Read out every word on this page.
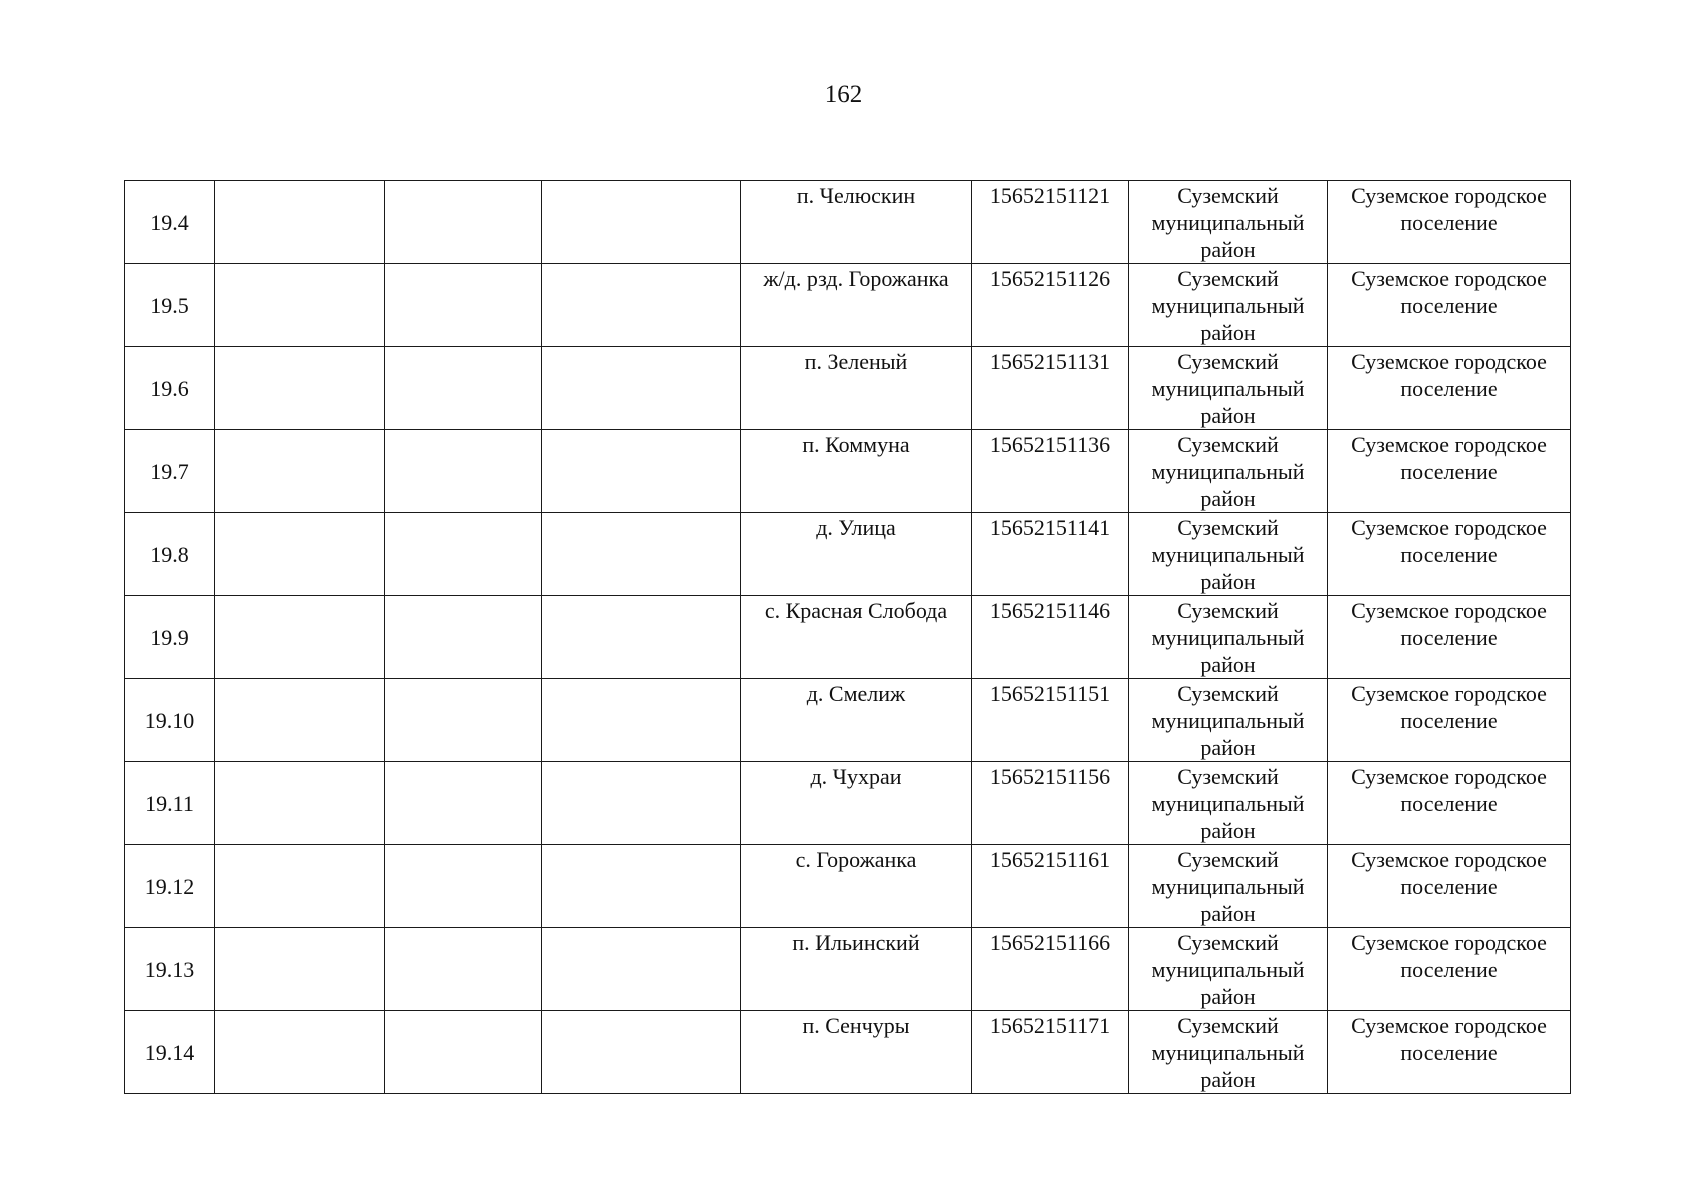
162
19.4				п. Челюскин	15652151121	Суземский
муниципальный
район	Суземское городское
поселение

19.5				ж/д. рзд. Горожанка	15652151126	Суземский
муниципальный
район	Суземское городское
поселение

19.6				п. Зеленый	15652151131	Суземский
муниципальный
район	Суземское городское
поселение

19.7				п. Коммуна	15652151136	Суземский
муниципальный
район	Суземское городское
поселение

19.8				д. Улица	15652151141	Суземский
муниципальный
район	Суземское городское
поселение

19.9				с. Красная Слобода	15652151146	Суземский
муниципальный
район	Суземское городское
поселение

19.10				д. Смелиж	15652151151	Суземский
муниципальный
район	Суземское городское
поселение

19.11				д. Чухраи	15652151156	Суземский
муниципальный
район	Суземское городское
поселение

19.12				с. Горожанка	15652151161	Суземский
муниципальный
район	Суземское городское
поселение

19.13				п. Ильинский	15652151166	Суземский
муниципальный
район	Суземское городское
поселение

19.14				п. Сенчуры	15652151171	Суземский
муниципальный
район	Суземское городское
поселение
